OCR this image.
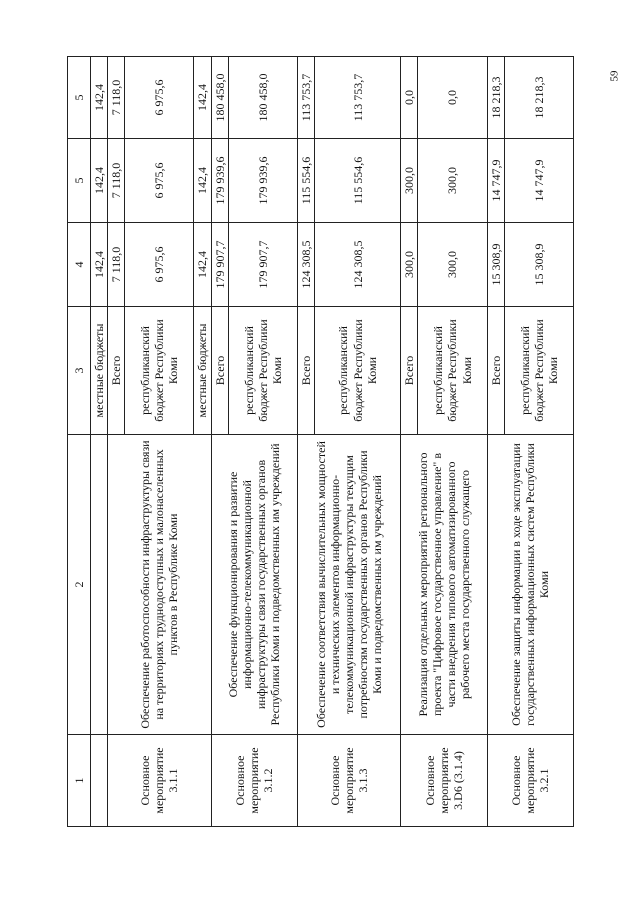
59
1	2	3	4	5	5
		местные бюджеты	142,4	142,4	142,4
Основное мероприятие 3.1.1	Обеспечение работоспособности инфраструктуры связи на территориях труднодоступных и малонаселенных пунктов в Республике Коми	Всего	7 118,0	7 118,0	7 118,0
		республиканский бюджет Республики Коми	6 975,6	6 975,6	6 975,6
		местные бюджеты	142,4	142,4	142,4
Основное мероприятие 3.1.2	Обеспечение функционирования и развитие информационно-телекоммуникационной инфраструктуры связи государственных органов Республики Коми и подведомственных им учреждений	Всего	179 907,7	179 939,6	180 458,0
		республиканский бюджет Республики Коми	179 907,7	179 939,6	180 458,0
Основное мероприятие 3.1.3	Обеспечение соответствия вычислительных мощностей и технических элементов информационно-телекоммуникационной инфраструктуры текущим потребностям государственных органов Республики Коми и подведомственных им учреждений	Всего	124 308,5	115 554,6	113 753,7
		республиканский бюджет Республики Коми	124 308,5	115 554,6	113 753,7
Основное мероприятие 3.D6 (3.1.4)	Реализация отдельных мероприятий регионального проекта "Цифровое государственное управление" в части внедрения типового автоматизированного рабочего места государственного служащего	Всего	300,0	300,0	0,0
		республиканский бюджет Республики Коми	300,0	300,0	0,0
Основное мероприятие 3.2.1	Обеспечение защиты информации в ходе эксплуатации государственных информационных систем Республики Коми	Всего	15 308,9	14 747,9	18 218,3
		республиканский бюджет Республики Коми	15 308,9	14 747,9	18 218,3
